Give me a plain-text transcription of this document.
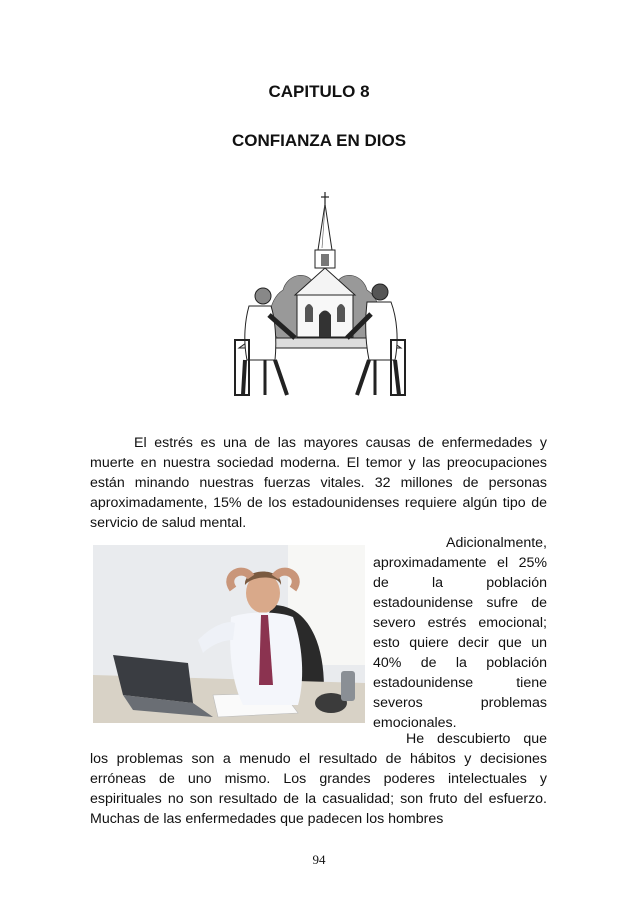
CAPITULO 8
CONFIANZA EN DIOS
El estrés es una de las mayores causas de enfermedades y muerte en nuestra sociedad moderna. El temor y las preocupaciones están minando nuestras fuerzas vitales. 32 millones de personas aproximadamente, 15% de los estadounidenses requiere algún tipo de servicio de salud mental.
Adicionalmente,
aproximadamente el 25% de la población estadounidense sufre de severo estrés emocional; esto quiere decir que un 40% de la población estadounidense tiene severos problemas emocionales.
He descubierto que los problemas son a menudo el resultado de hábitos y decisiones erróneas de uno mismo. Los grandes poderes intelectuales y espirituales no son resultado de la casualidad; son fruto del esfuerzo. Muchas de las enfermedades que padecen los hombres
94
